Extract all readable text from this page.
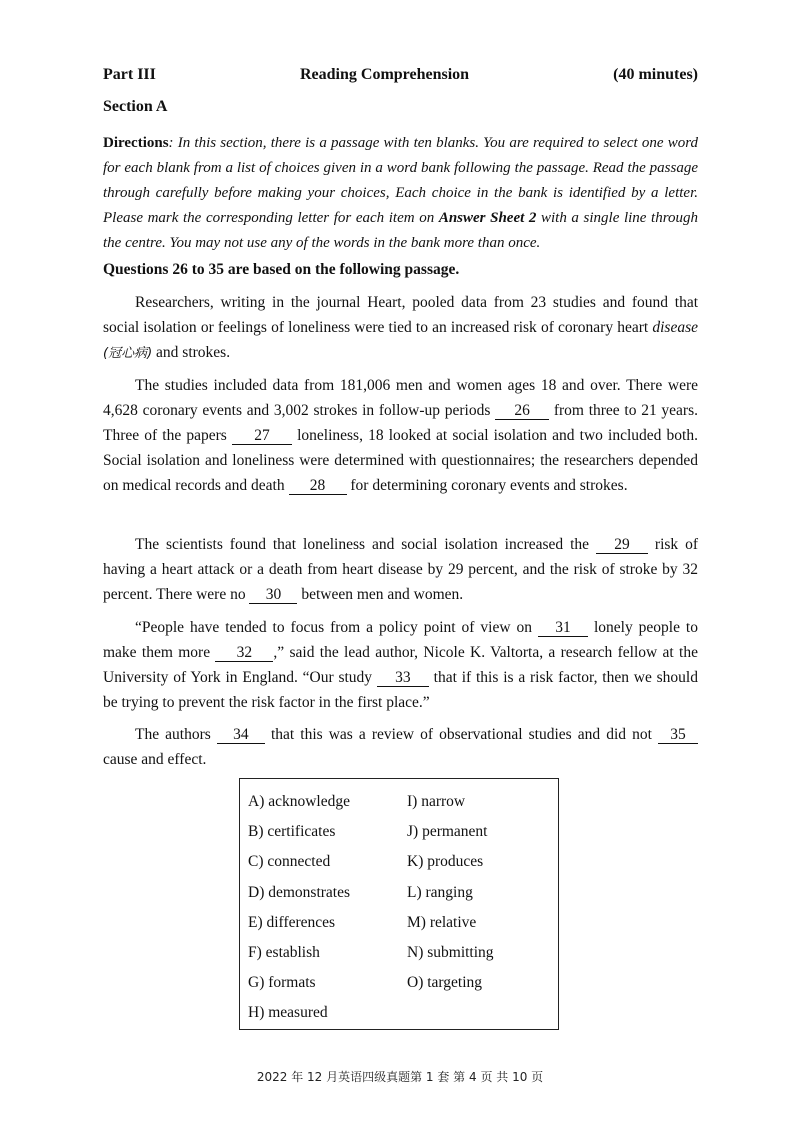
Part III	Reading Comprehension	(40 minutes)
Section A
Directions: In this section, there is a passage with ten blanks. You are required to select one word for each blank from a list of choices given in a word bank following the passage. Read the passage through carefully before making your choices, Each choice in the bank is identified by a letter. Please mark the corresponding letter for each item on Answer Sheet 2 with a single line through the centre. You may not use any of the words in the bank more than once.
Questions 26 to 35 are based on the following passage.

Researchers, writing in the journal Heart, pooled data from 23 studies and found that social isolation or feelings of loneliness were tied to an increased risk of coronary heart disease (冠心病) and strokes.

The studies included data from 181,006 men and women ages 18 and over. There were 4,628 coronary events and 3,002 strokes in follow-up periods 26 from three to 21 years. Three of the papers 27 loneliness, 18 looked at social isolation and two included both. Social isolation and loneliness were determined with questionnaires; the researchers depended on medical records and death 28 for determining coronary events and strokes.

The scientists found that loneliness and social isolation increased the 29 risk of having a heart attack or a death from heart disease by 29 percent, and the risk of stroke by 32 percent. There were no 30 between men and women.

“People have tended to focus from a policy point of view on 31 lonely people to make them more 32 ,” said the lead author, Nicole K. Valtorta, a research fellow at the University of York in England. “Our study 33 that if this is a risk factor, then we should be trying to prevent the risk factor in the first place.”

The authors 34 that this was a review of observational studies and did not 35 cause and effect.

A) acknowledge
B) certificates
C) connected
D) demonstrates
E) differences
F) establish
G) formats
H) measured
I) narrow
J) permanent
K) produces
L) ranging
M) relative
N) submitting
O) targeting
2022 年 12 月英语四级真题第 1 套 第 4 页 共 10 页
